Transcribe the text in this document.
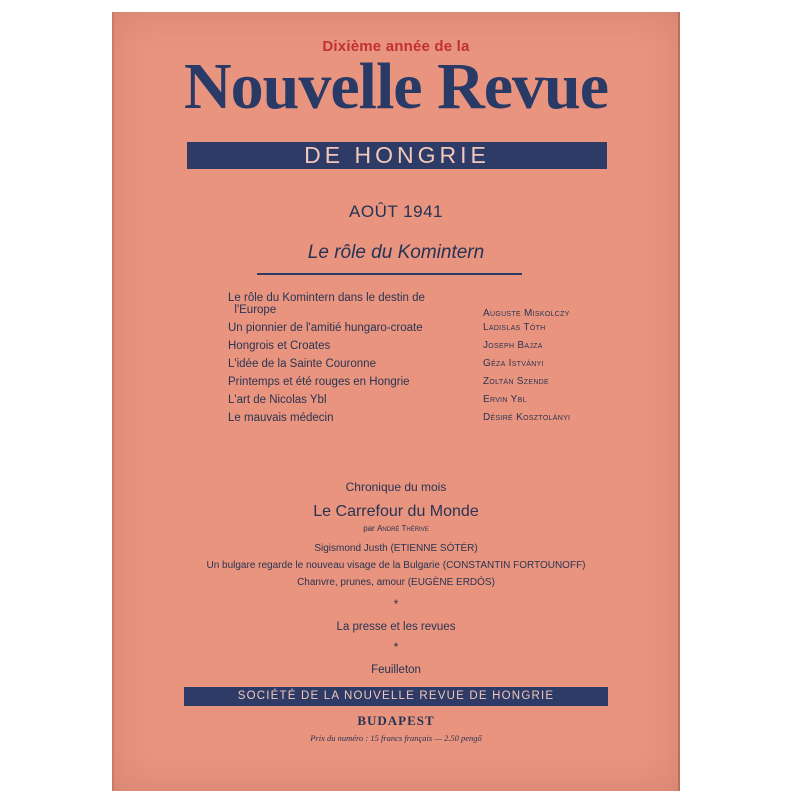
Dixième année de la
Nouvelle Revue
DE HONGRIE
AOÛT 1941
Le rôle du Komintern
Le rôle du Komintern dans le destin de
l'Europe	Auguste Miskolczy
Un pionnier de l'amitié hungaro-croate	Ladislas Tóth
Hongrois et Croates	Joseph Bajza
L'idée de la Sainte Couronne	Géza Istványi
Printemps et été rouges en Hongrie	Zoltán Szende
L'art de Nicolas Ybl	Ervin Ybl
Le mauvais médecin	Désiré Kosztolányi
Chronique du mois
Le Carrefour du Monde
par André Thérive
Sigismond Justh (ETIENNE SÓTÉR)
Un bulgare regarde le nouveau visage de la Bulgarie (CONSTANTIN FORTOUNOFF)
Chanvre, prunes, amour (EUGÈNE ERDÓS)
*
La presse et les revues
*
Feuilleton
SOCIÉTÉ DE LA NOUVELLE REVUE DE HONGRIE
BUDAPEST
Prix du numéro : 15 francs français — 2.50 pengő
